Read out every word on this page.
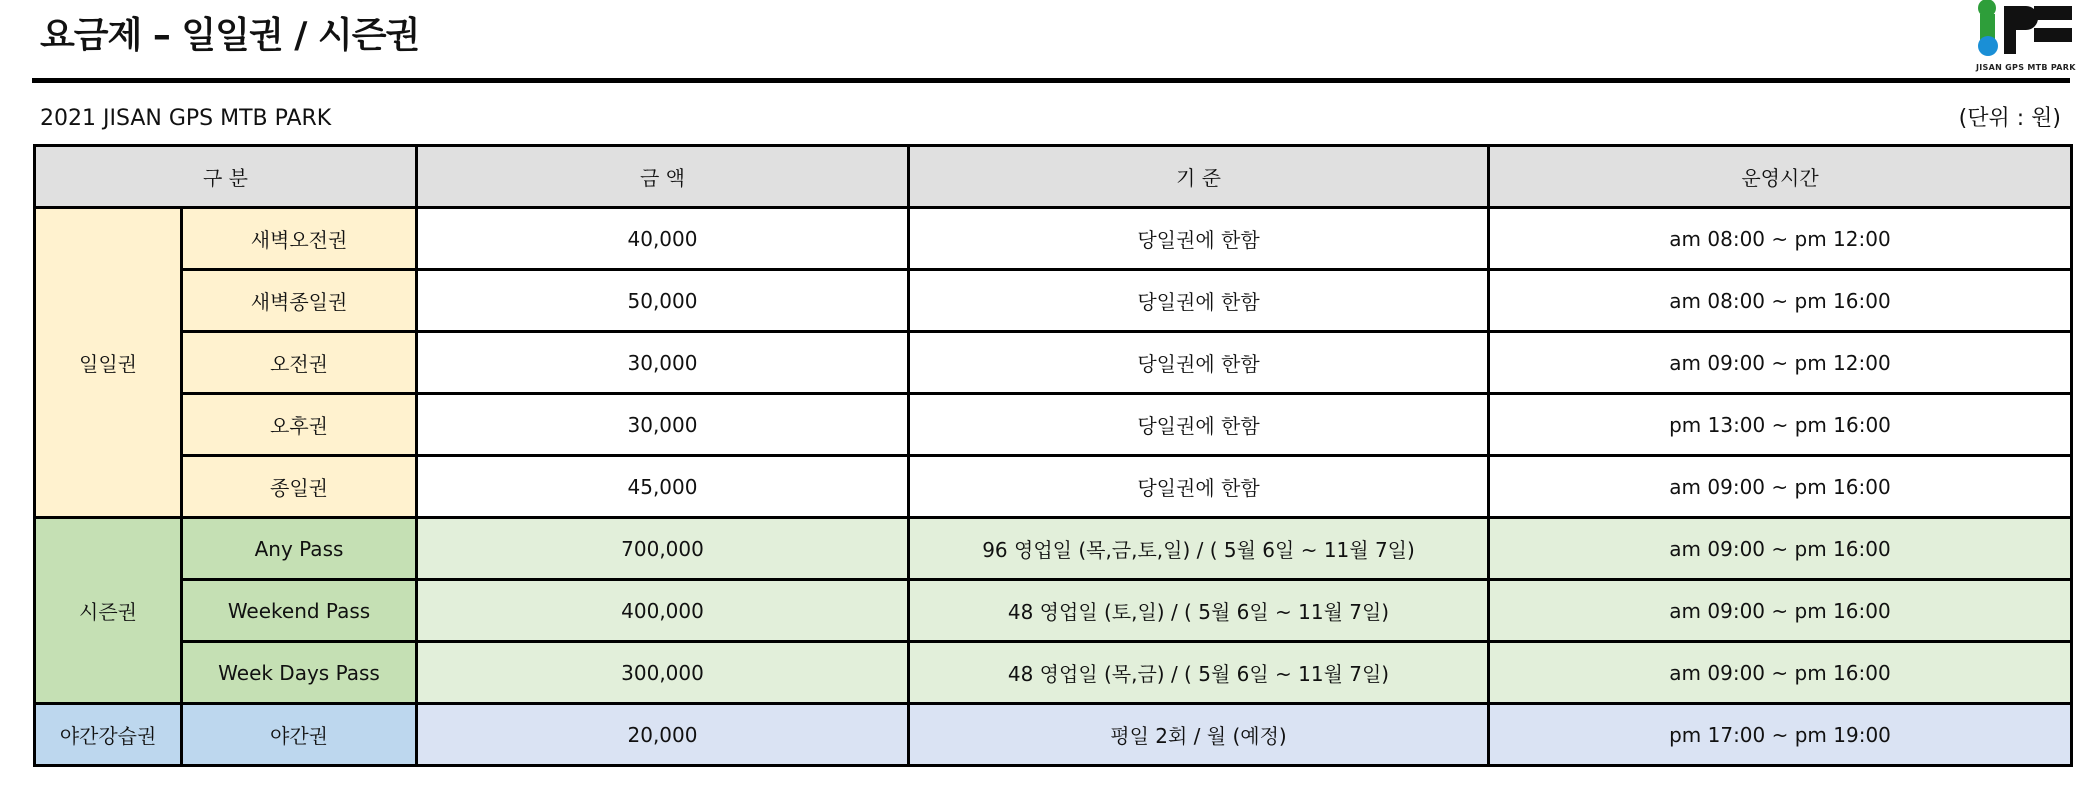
요금제 – 일일권 / 시즌권
JISAN GPS MTB PARK
2021 JISAN GPS MTB PARK	(단위 : 원)
구 분		금 액	기 준	운영시간
일일권	새벽오전권	40,000	당일권에 한함	am 08:00 ~ pm 12:00
	새벽종일권	50,000	당일권에 한함	am 08:00 ~ pm 16:00
	오전권	30,000	당일권에 한함	am 09:00 ~ pm 12:00
	오후권	30,000	당일권에 한함	pm 13:00 ~ pm 16:00
	종일권	45,000	당일권에 한함	am 09:00 ~ pm 16:00
시즌권	Any Pass	700,000	96 영업일 (목,금,토,일) / ( 5월 6일 ~ 11월 7일)	am 09:00 ~ pm 16:00
	Weekend Pass	400,000	48 영업일 (토,일) / ( 5월 6일 ~ 11월 7일)	am 09:00 ~ pm 16:00
	Week Days Pass	300,000	48 영업일 (목,금) / ( 5월 6일 ~ 11월 7일)	am 09:00 ~ pm 16:00
야간강습권	야간권	20,000	평일 2회 / 월 (예정)	pm 17:00 ~ pm 19:00
